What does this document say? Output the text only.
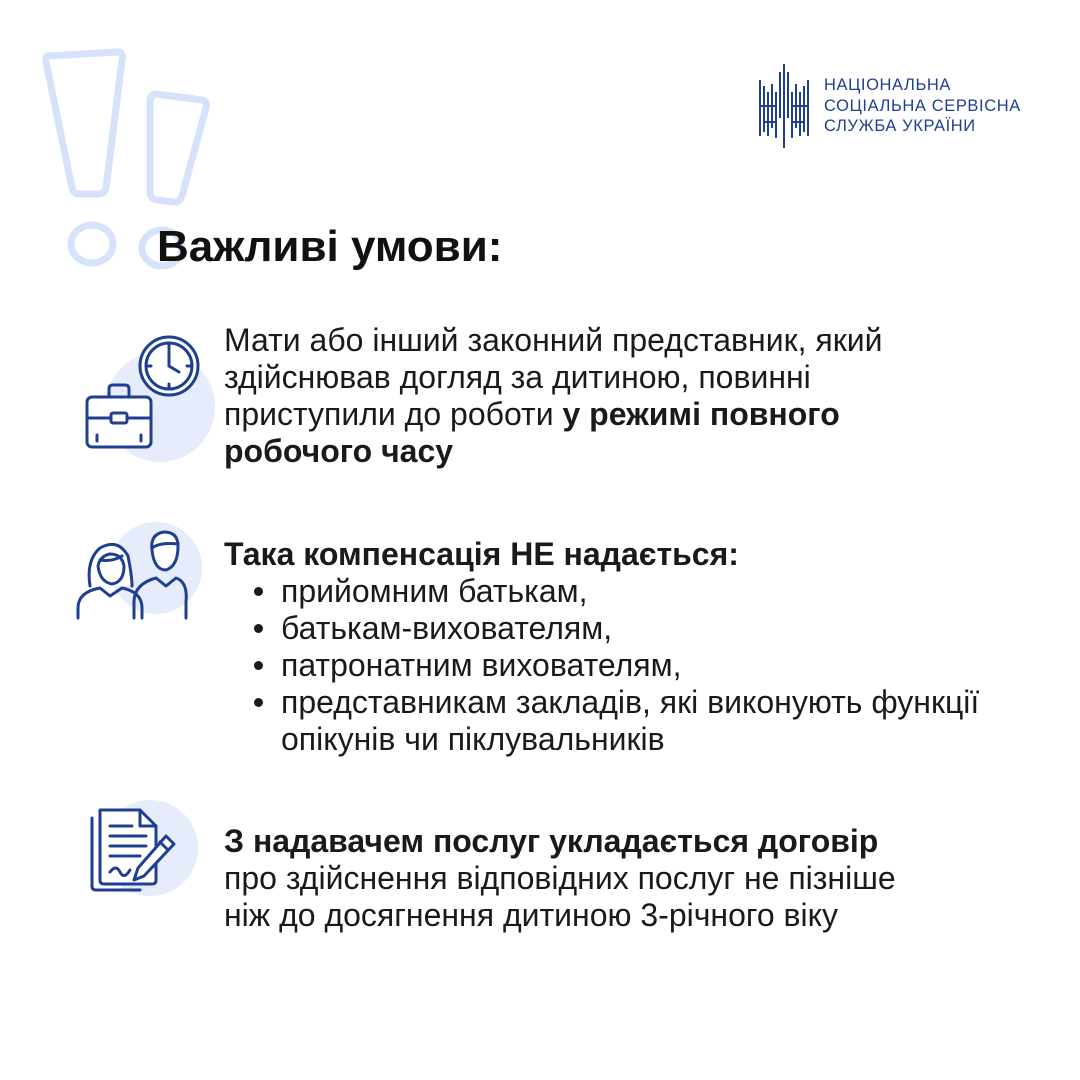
НАЦІОНАЛЬНА
СОЦІАЛЬНА СЕРВІСНА
СЛУЖБА УКРАЇНИ
Важливі умови:
Мати або інший законний представник, який здійснював догляд за дитиною, повинні приступили до роботи у режимі повного робочого часу
Така компенсація НЕ надається:
прийомним батькам,
батькам-вихователям,
патронатним вихователям,
представникам закладів, які виконують функції опікунів чи піклувальників
З надавачем послуг укладається договір
про здійснення відповідних послуг не пізніше ніж до досягнення дитиною 3-річного віку
